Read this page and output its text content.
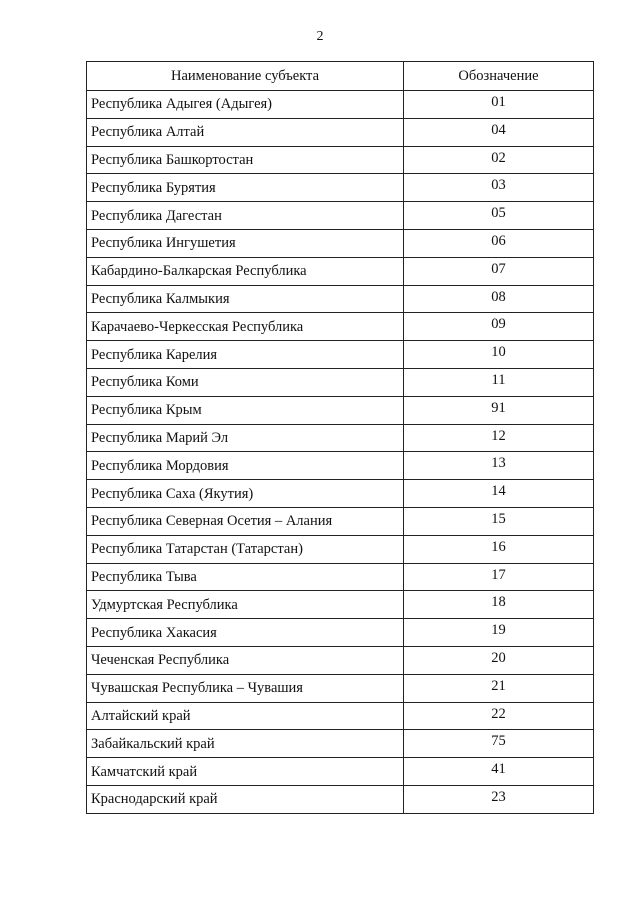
2
Наименование субъекта	Обозначение
Республика Адыгея (Адыгея)	01
Республика Алтай	04
Республика Башкортостан	02
Республика Бурятия	03
Республика Дагестан	05
Республика Ингушетия	06
Кабардино-Балкарская Республика	07
Республика Калмыкия	08
Карачаево-Черкесская Республика	09
Республика Карелия	10
Республика Коми	11
Республика Крым	91
Республика Марий Эл	12
Республика Мордовия	13
Республика Саха (Якутия)	14
Республика Северная Осетия – Алания	15
Республика Татарстан (Татарстан)	16
Республика Тыва	17
Удмуртская Республика	18
Республика Хакасия	19
Чеченская Республика	20
Чувашская Республика – Чувашия	21
Алтайский край	22
Забайкальский край	75
Камчатский край	41
Краснодарский край	23
